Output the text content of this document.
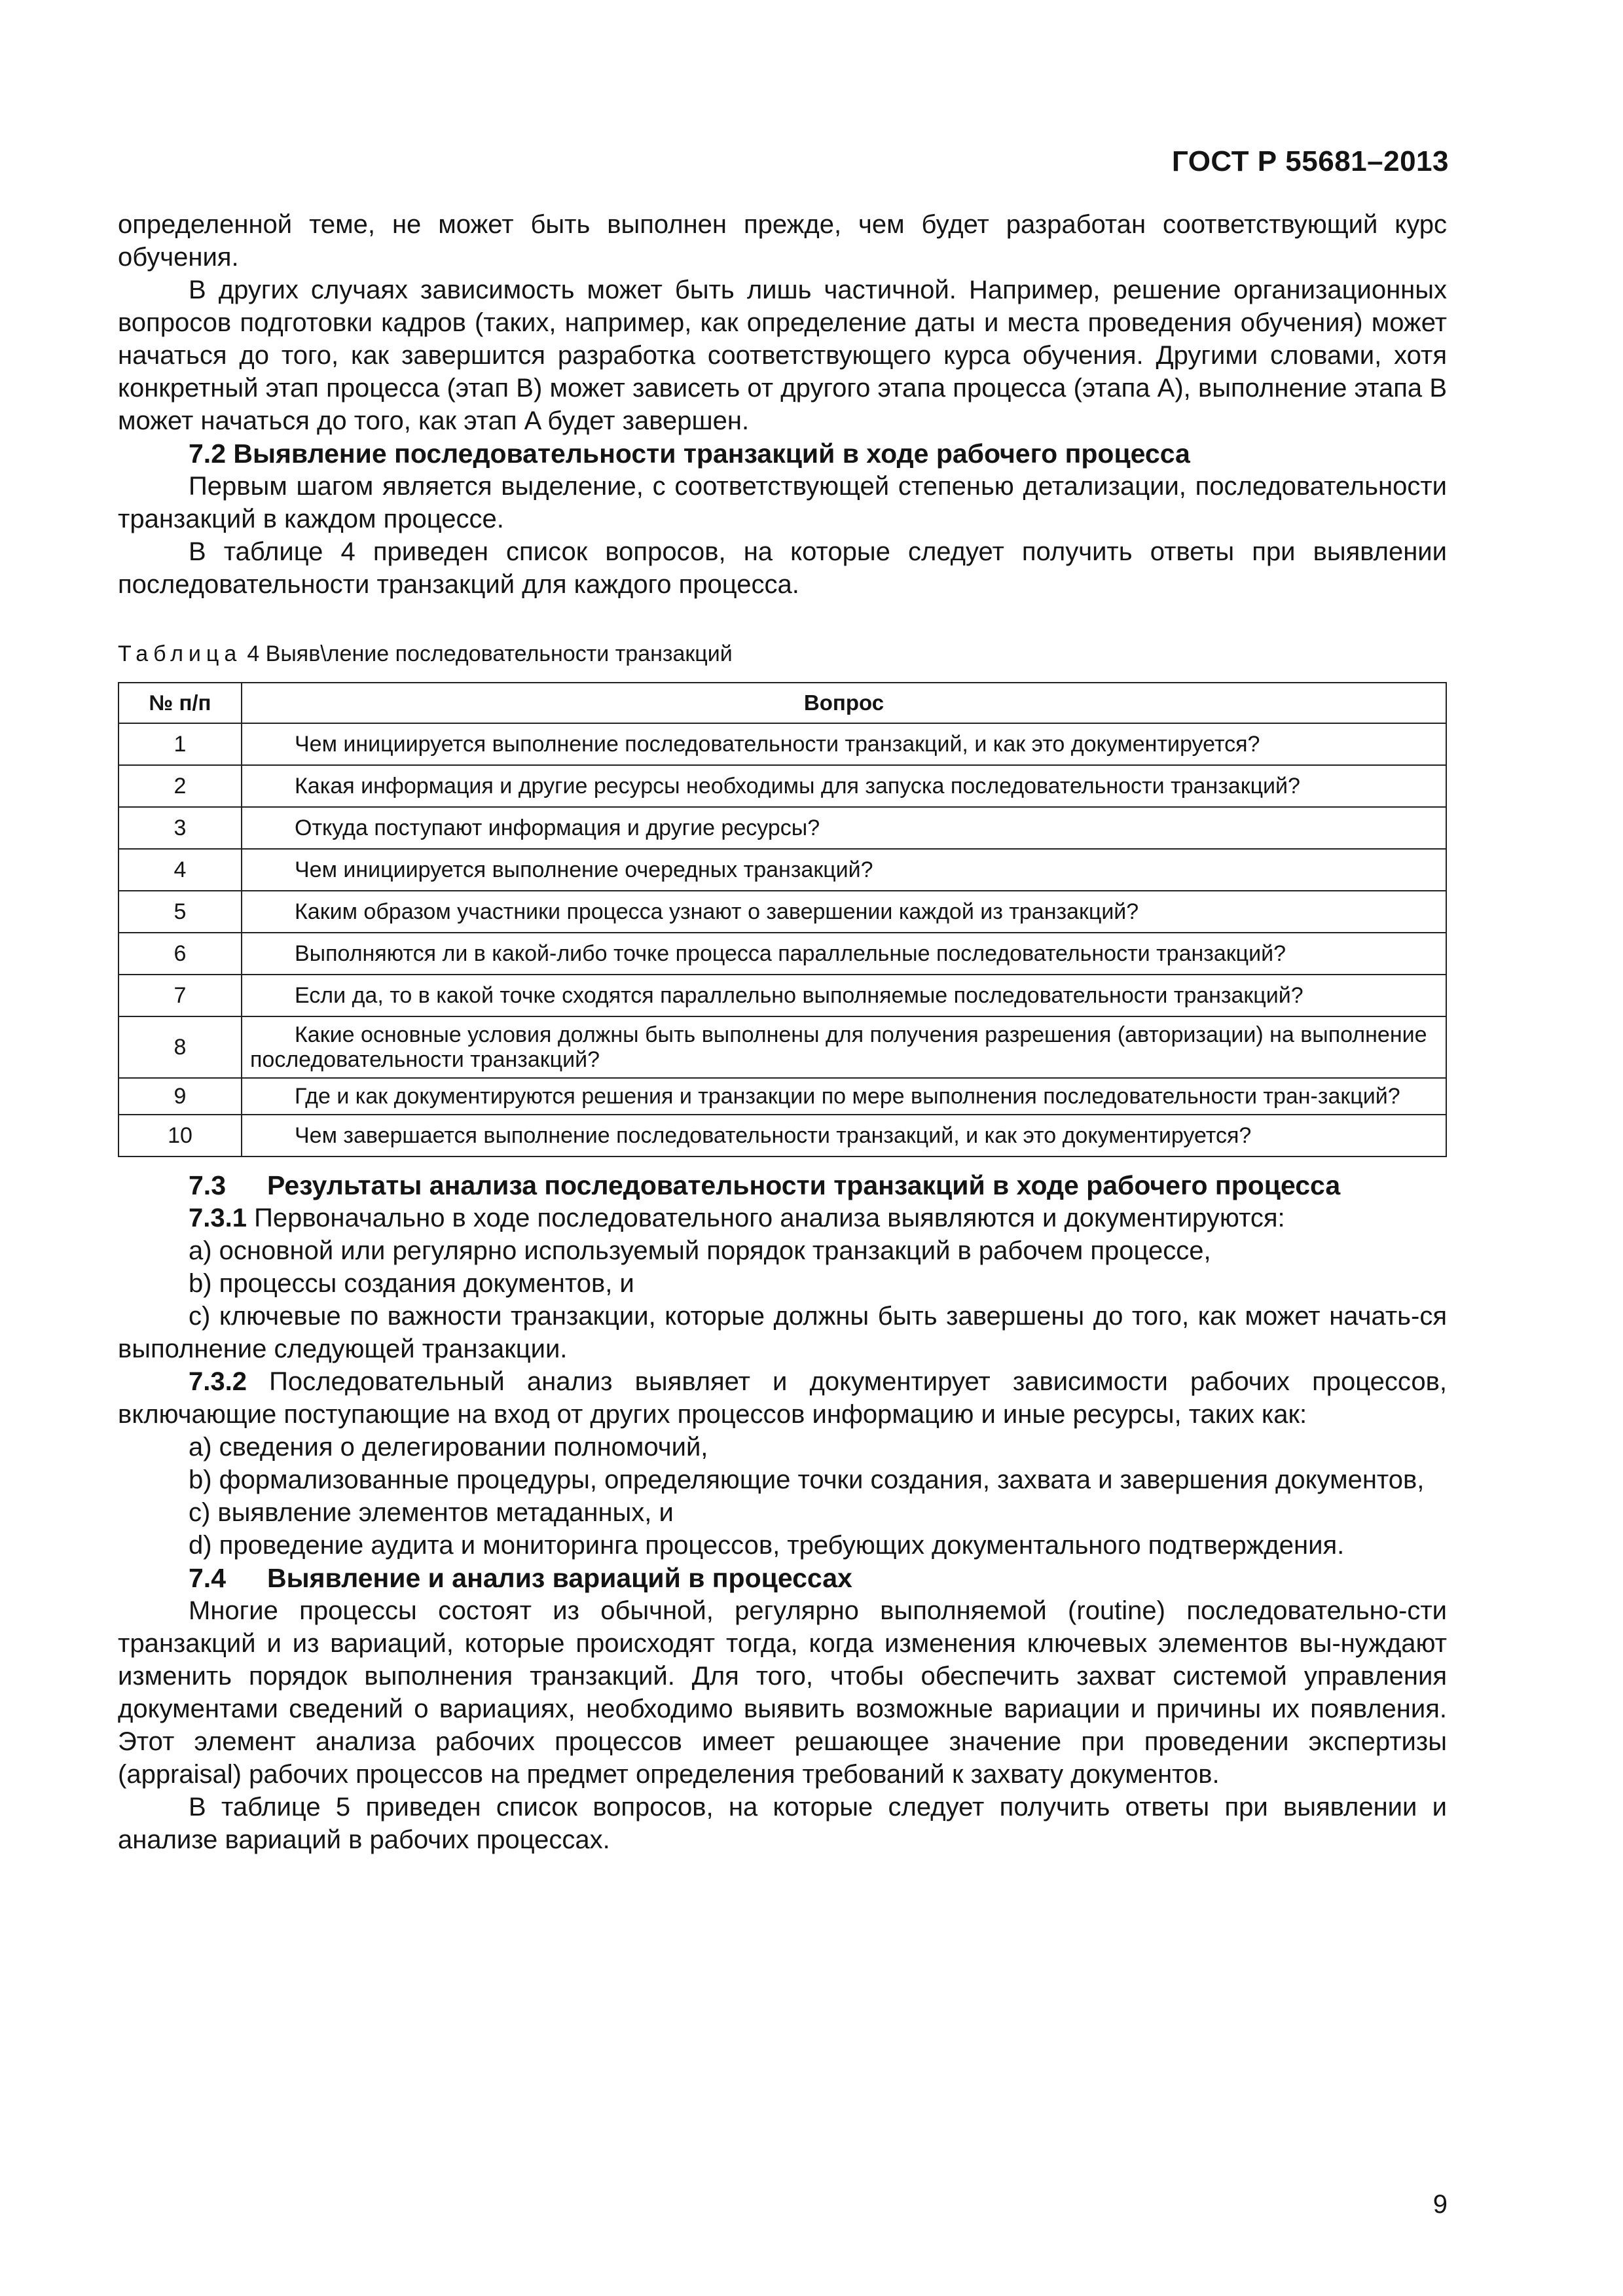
ГОСТ Р 55681–2013

определенной теме, не может быть выполнен прежде, чем будет разработан соответствующий курс обучения.

В других случаях зависимость может быть лишь частичной. Например, решение организационных вопросов подготовки кадров (таких, например, как определение даты и места проведения обучения) может начаться до того, как завершится разработка соответствующего курса обучения. Другими словами, хотя конкретный этап процесса (этап B) может зависеть от другого этапа процесса (этапа A), выполнение этапа B может начаться до того, как этап A будет завершен.

7.2 Выявление последовательности транзакций в ходе рабочего процесса

Первым шагом является выделение, с соответствующей степенью детализации, последовательности транзакций в каждом процессе.

В таблице 4 приведен список вопросов, на которые следует получить ответы при выявлении последовательности транзакций для каждого процесса.

Таблица 4 Выяв\ление последовательности транзакций
№ п/п	Вопрос
1	Чем инициируется выполнение последовательности транзакций, и как это документируется?
2	Какая информация и другие ресурсы необходимы для запуска последовательности транзакций?
3	Откуда поступают информация и другие ресурсы?
4	Чем инициируется выполнение очередных транзакций?
5	Каким образом участники процесса узнают о завершении каждой из транзакций?
6	Выполняются ли в какой-либо точке процесса параллельные последовательности транзакций?
7	Если да, то в какой точке сходятся параллельно выполняемые последовательности транзакций?
8	Какие основные условия должны быть выполнены для получения разрешения (авторизации) на выполнение последовательности транзакций?
9	Где и как документируются решения и транзакции по мере выполнения последовательности тран-закций?
10	Чем завершается выполнение последовательности транзакций, и как это документируется?

7.3 Результаты анализа последовательности транзакций в ходе рабочего процесса

7.3.1 Первоначально в ходе последовательного анализа выявляются и документируются:

a) основной или регулярно используемый порядок транзакций в рабочем процессе,

b) процессы создания документов, и

c) ключевые по важности транзакции, которые должны быть завершены до того, как может начать-ся выполнение следующей транзакции.

7.3.2 Последовательный анализ выявляет и документирует зависимости рабочих процессов, включающие поступающие на вход от других процессов информацию и иные ресурсы, таких как:

a) сведения о делегировании полномочий,

b) формализованные процедуры, определяющие точки создания, захвата и завершения документов,

c) выявление элементов метаданных, и

d) проведение аудита и мониторинга процессов, требующих документального подтверждения.

7.4 Выявление и анализ вариаций в процессах

Многие процессы состоят из обычной, регулярно выполняемой (routine) последовательно-сти транзакций и из вариаций, которые происходят тогда, когда изменения ключевых элементов вы-нуждают изменить порядок выполнения транзакций. Для того, чтобы обеспечить захват системой управления документами сведений о вариациях, необходимо выявить возможные вариации и причины их появления. Этот элемент анализа рабочих процессов имеет решающее значение при проведении экспертизы (appraisal) рабочих процессов на предмет определения требований к захвату документов.

В таблице 5 приведен список вопросов, на которые следует получить ответы при выявлении и анализе вариаций в рабочих процессах.

9
